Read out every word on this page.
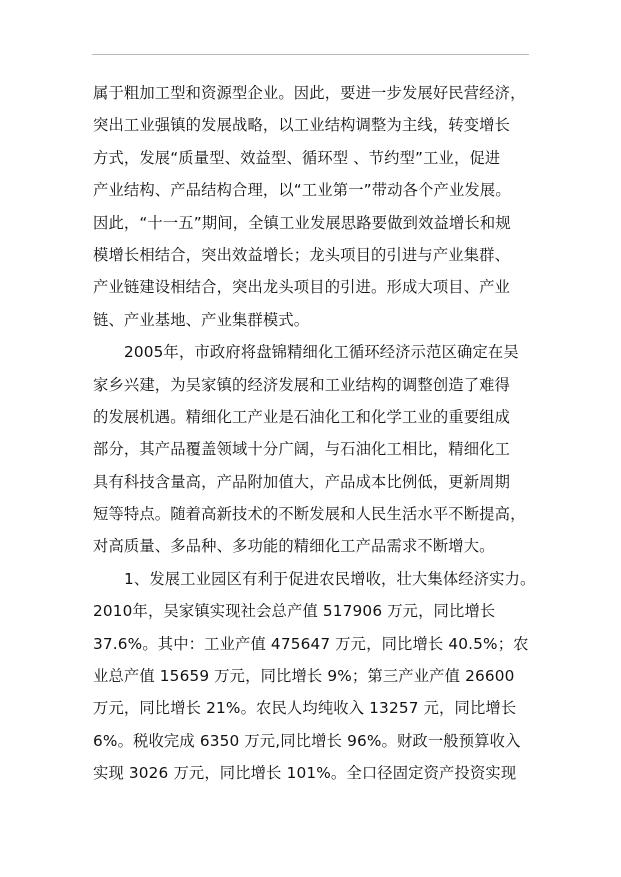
属于粗加工型和资源型企业。因此，要进一步发展好民营经济，
突出工业强镇的发展战略，以工业结构调整为主线，转变增长
方式，发展“质量型、效益型、循环型 、节约型”工业，促进
产业结构、产品结构合理，以“工业第一”带动各个产业发展。
因此，“十一五”期间，全镇工业发展思路要做到效益增长和规
模增长相结合，突出效益增长；龙头项目的引进与产业集群、
产业链建设相结合，突出龙头项目的引进。形成大项目、产业
链、产业基地、产业集群模式。
2005年，市政府将盘锦精细化工循环经济示范区确定在吴
家乡兴建，为吴家镇的经济发展和工业结构的调整创造了难得
的发展机遇。精细化工产业是石油化工和化学工业的重要组成
部分，其产品覆盖领域十分广阔，与石油化工相比，精细化工
具有科技含量高，产品附加值大，产品成本比例低，更新周期
短等特点。随着高新技术的不断发展和人民生活水平不断提高，
对高质量、多品种、多功能的精细化工产品需求不断增大。
1、发展工业园区有利于促进农民增收，壮大集体经济实力。
2010年，吴家镇实现社会总产值 517906 万元，同比增长
37.6%。其中：工业产值 475647 万元，同比增长 40.5%；农
业总产值 15659 万元，同比增长 9%；第三产业产值 26600
万元，同比增长 21%。农民人均纯收入 13257 元，同比增长
6%。税收完成 6350 万元,同比增长 96%。财政一般预算收入
实现 3026 万元，同比增长 101%。全口径固定资产投资实现
